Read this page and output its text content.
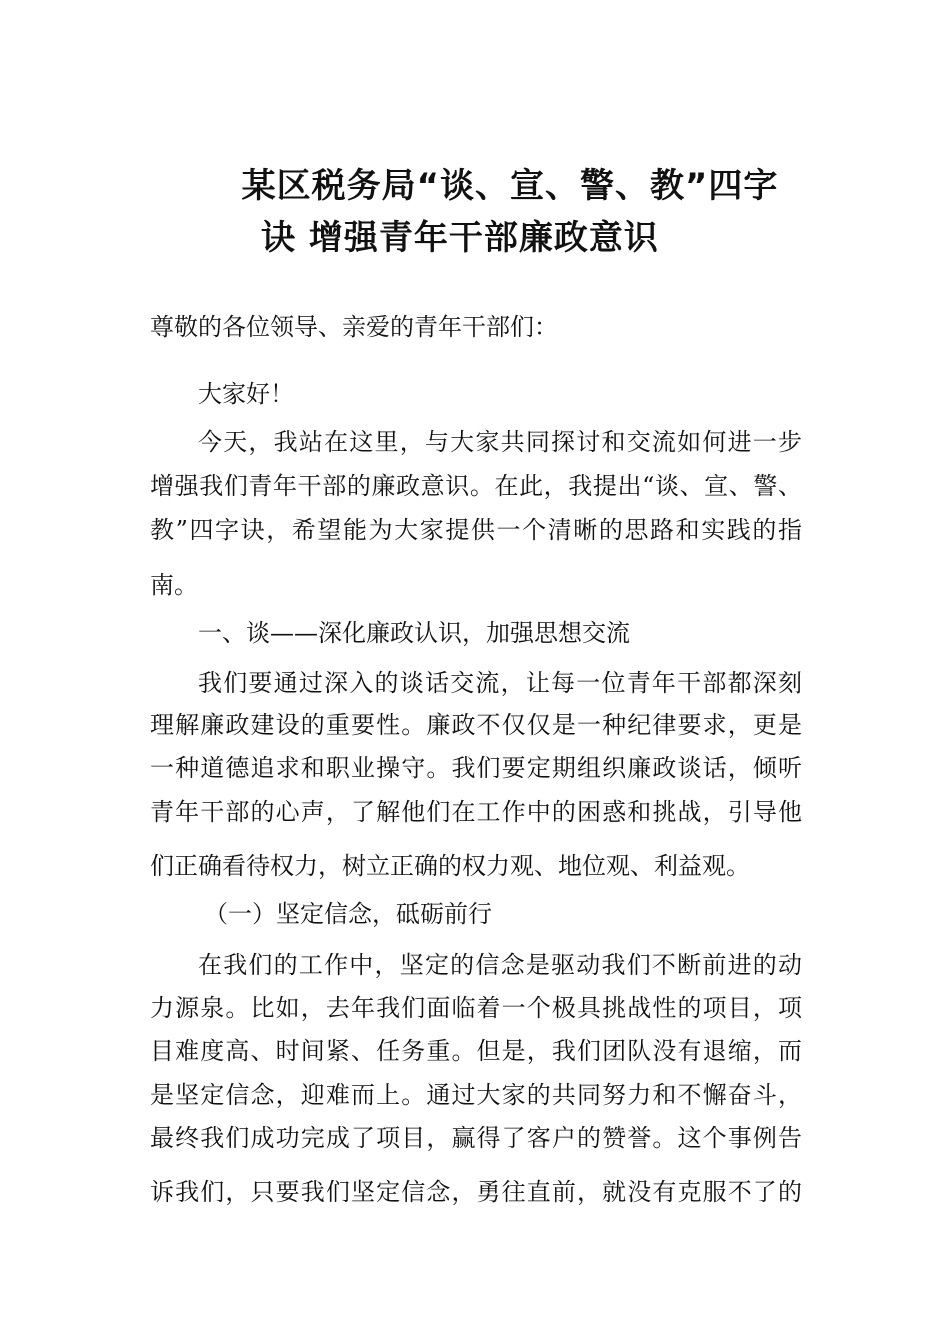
某区税务局“谈、宣、警、教”四字
诀 增强青年干部廉政意识
尊敬的各位领导、亲爱的青年干部们：
大家好！
今天，我站在这里，与大家共同探讨和交流如何进一步
增强我们青年干部的廉政意识。在此，我提出“谈、宣、警、
教”四字诀，希望能为大家提供一个清晰的思路和实践的指
南。
一、谈——深化廉政认识，加强思想交流
我们要通过深入的谈话交流，让每一位青年干部都深刻
理解廉政建设的重要性。廉政不仅仅是一种纪律要求，更是
一种道德追求和职业操守。我们要定期组织廉政谈话，倾听
青年干部的心声，了解他们在工作中的困惑和挑战，引导他
们正确看待权力，树立正确的权力观、地位观、利益观。
（一）坚定信念，砥砺前行
在我们的工作中，坚定的信念是驱动我们不断前进的动
力源泉。比如，去年我们面临着一个极具挑战性的项目，项
目难度高、时间紧、任务重。但是，我们团队没有退缩，而
是坚定信念，迎难而上。通过大家的共同努力和不懈奋斗，
最终我们成功完成了项目，赢得了客户的赞誉。这个事例告
诉我们，只要我们坚定信念，勇往直前，就没有克服不了的
